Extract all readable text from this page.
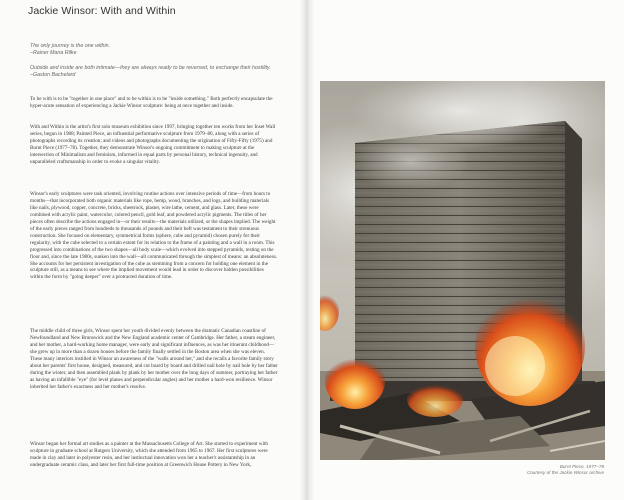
Jackie Winsor: With and Within
The only journey is the one within.
–Rainer Maria Rilke
Outside and inside are both intimate—they are always ready to be reversed, to exchange their hostility.
–Gaston Bachelard

To be with is to be "together in one place" and to be within is to be "inside something." Both perfectly encapsulate the hyper-acute sensation of experiencing a Jackie Winsor sculpture: being at once together and inside.

With and Within is the artist's first solo museum exhibition since 1997, bringing together ten works from her Inset Wall series, begun in 1988; Painted Piece, an influential performative sculpture from 1979–80, along with a series of photographs recording its creation; and videos and photographs documenting the origination of Fifty-Fifty (1975) and Burnt Piece (1977–78). Together, they demonstrate Winsor's ongoing commitment to making sculpture at the intersection of Minimalism and feminism, informed in equal parts by personal history, technical ingenuity, and unparalleled craftsmanship in order to evoke a singular vitality.

Winsor's early sculptures were task oriented, involving routine actions over intensive periods of time—from hours to months—that incorporated both organic materials like rope, hemp, wood, branches, and logs, and building materials like nails, plywood, copper, concrete, bricks, sheetrock, plaster, wire lathe, cement, and glass. Later, these were combined with acrylic paint, watercolor, colored pencil, gold leaf, and powdered acrylic pigments. The titles of her pieces often describe the actions engaged in—or their results—the materials utilized, or the shapes implied. The weight of the early pieces ranged from hundreds to thousands of pounds and their heft was testament to their strenuous construction. She focused on elementary, symmetrical forms (sphere, cube and pyramid) chosen purely for their regularity, with the cube selected to a certain extent for its relation to the frame of a painting and a wall in a room. This progressed into combinations of the two shapes—all body scale—which evolved into stepped pyramids, resting on the floor and, since the late 1980s, sunken into the wall—all communicated through the simplest of means: an absoluteness. She accounts for her persistent investigation of the cube as stemming from a concern for holding one element in the sculpture still, as a means to see where the implied movement would lead in order to discover hidden possibilities within the form by "going deeper" over a protracted duration of time.

The middle child of three girls, Winsor spent her youth divided evenly between the dramatic Canadian coastline of Newfoundland and New Brunswick and the New England academic center of Cambridge. Her father, a steam engineer, and her mother, a hard-working home manager, were early and significant influences, as was her itinerant childhood—she grew up in more than a dozen houses before the family finally settled in the Boston area when she was eleven. These many interiors instilled in Winsor an awareness of the "walls around her," and she recalls a favorite family story about her parents' first house, designed, measured, and cut board by board and drilled nail hole by nail hole by her father during the winter, and then assembled plank by plank by her mother over the long days of summer, portraying her father as having an infallible "eye" (for level planes and perpendicular angles) and her mother a hard-won resilience. Winsor inherited her father's exactness and her mother's resolve.

Winsor began her formal art studies as a painter at the Massachusetts College of Art. She started to experiment with sculpture in graduate school at Rutgers University, which she attended from 1965 to 1967. Her first sculptures were made in clay and later in polyester resin, and her instinctual innovation won her a teacher's assistantship in an undergraduate ceramic class, and later her first full-time position at Greenwich House Pottery in New York,	Burnt Piece, 1977–78
Courtesy of the Jackie Winsor archive
